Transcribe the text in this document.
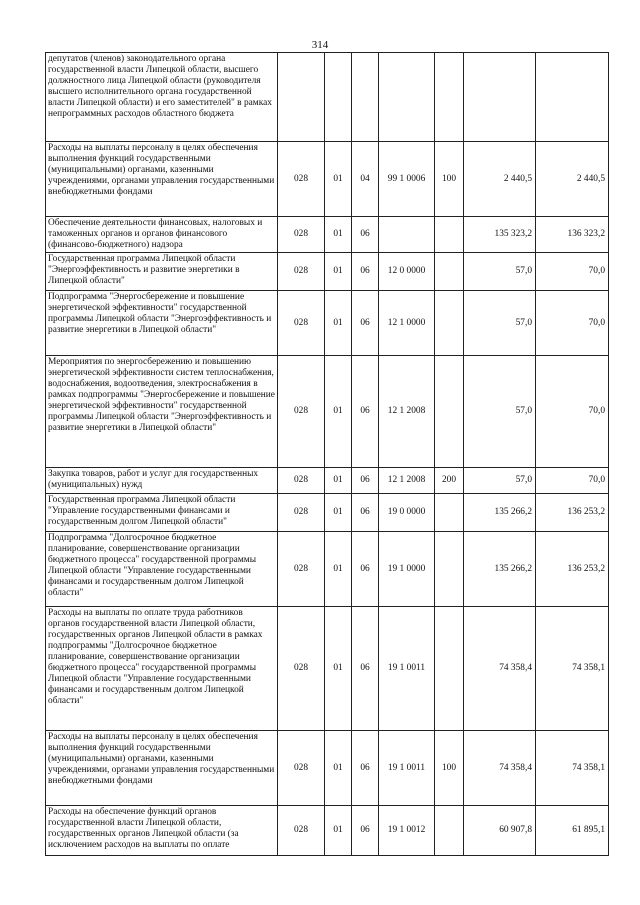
314
депутатов (членов) законодательного органа государственной власти Липецкой области, высшего должностного лица Липецкой области (руководителя высшего исполнительного органа государственной власти Липецкой области) и его заместителей" в рамках непрограммных расходов областного бюджета							
Расходы на выплаты персоналу в целях обеспечения выполнения функций государственными (муниципальными) органами, казенными учреждениями, органами управления государственными внебюджетными фондами	028	01	04	99 1 0006	100	2 440,5	2 440,5
Обеспечение деятельности финансовых, налоговых и таможенных органов и органов финансового (финансово-бюджетного) надзора	028	01	06			135 323,2	136 323,2
Государственная программа Липецкой области "Энергоэффективность и развитие энергетики в Липецкой области"	028	01	06	12 0 0000		57,0	70,0
Подпрограмма "Энергосбережение и повышение энергетической эффективности" государственной программы Липецкой области "Энергоэффективность и развитие энергетики в Липецкой области"	028	01	06	12 1 0000		57,0	70,0
Мероприятия по энергосбережению и повышению энергетической эффективности систем теплоснабжения, водоснабжения, водоотведения, электроснабжения в рамках подпрограммы "Энергосбережение и повышение энергетической эффективности" государственной программы Липецкой области "Энергоэффективность и развитие энергетики в Липецкой области"	028	01	06	12 1 2008		57,0	70,0
Закупка товаров, работ и услуг для государственных (муниципальных) нужд	028	01	06	12 1 2008	200	57,0	70,0
Государственная программа Липецкой области "Управление государственными финансами и государственным долгом Липецкой области"	028	01	06	19 0 0000		135 266,2	136 253,2
Подпрограмма "Долгосрочное бюджетное планирование, совершенствование организации бюджетного процесса" государственной программы Липецкой области "Управление государственными финансами и государственным долгом Липецкой области"	028	01	06	19 1 0000		135 266,2	136 253,2
Расходы на выплаты по оплате труда работников органов государственной власти Липецкой области, государственных органов Липецкой области в рамках подпрограммы "Долгосрочное бюджетное планирование, совершенствование организации бюджетного процесса" государственной программы Липецкой области "Управление государственными финансами и государственным долгом Липецкой области"	028	01	06	19 1 0011		74 358,4	74 358,1
Расходы на выплаты персоналу в целях обеспечения выполнения функций государственными (муниципальными) органами, казенными учреждениями, органами управления государственными внебюджетными фондами	028	01	06	19 1 0011	100	74 358,4	74 358,1
Расходы на обеспечение функций органов государственной власти Липецкой области, государственных органов Липецкой области (за исключением расходов на выплаты по оплате	028	01	06	19 1 0012		60 907,8	61 895,1
